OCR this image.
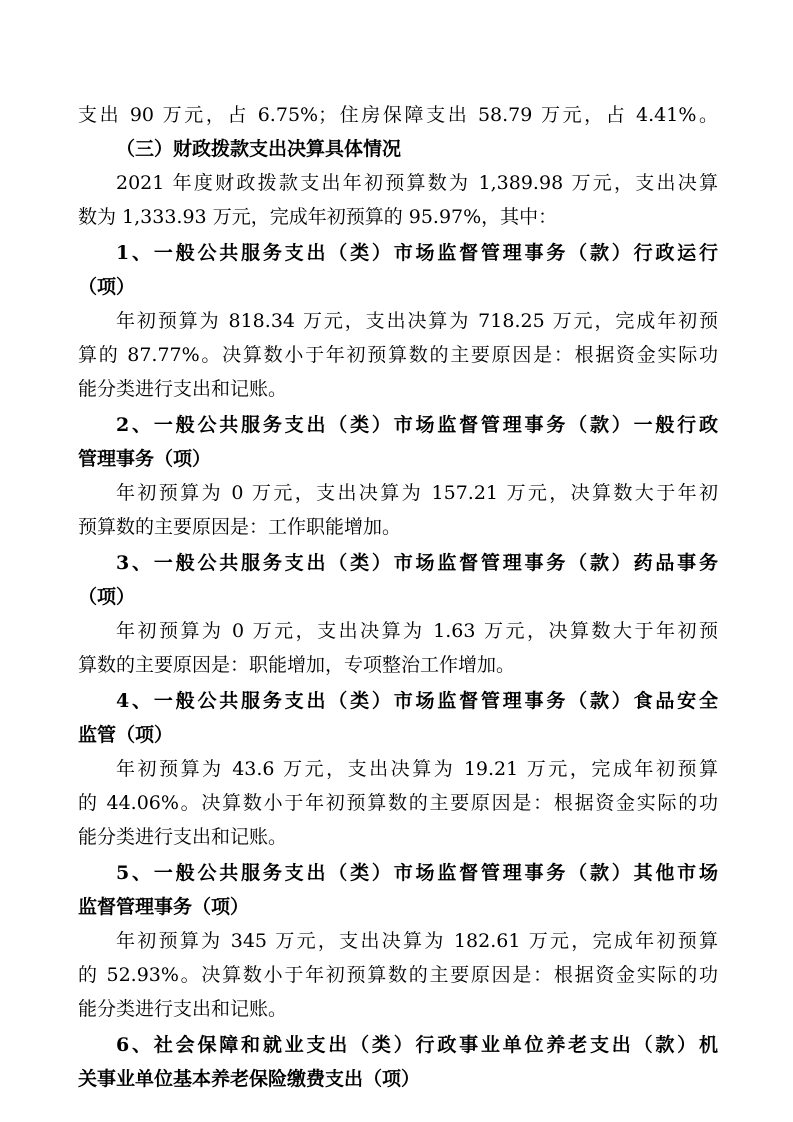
支出 90 万元，占 6.75%；住房保障支出 58.79 万元，占 4.41%。
（三）财政拨款支出决算具体情况
2021 年度财政拨款支出年初预算数为 1,389.98 万元，支出决算
数为 1,333.93 万元，完成年初预算的 95.97%，其中：
1、一般公共服务支出（类）市场监督管理事务（款）行政运行
（项）
年初预算为 818.34 万元，支出决算为 718.25 万元，完成年初预
算的 87.77%。决算数小于年初预算数的主要原因是：根据资金实际功
能分类进行支出和记账。
2、一般公共服务支出（类）市场监督管理事务（款）一般行政
管理事务（项）
年初预算为 0 万元，支出决算为 157.21 万元，决算数大于年初
预算数的主要原因是：工作职能增加。
3、一般公共服务支出（类）市场监督管理事务（款）药品事务
（项）
年初预算为 0 万元，支出决算为 1.63 万元，决算数大于年初预
算数的主要原因是：职能增加，专项整治工作增加。
4、一般公共服务支出（类）市场监督管理事务（款）食品安全
监管（项）
年初预算为 43.6 万元，支出决算为 19.21 万元，完成年初预算
的 44.06%。决算数小于年初预算数的主要原因是：根据资金实际的功
能分类进行支出和记账。
5、一般公共服务支出（类）市场监督管理事务（款）其他市场
监督管理事务（项）
年初预算为 345 万元，支出决算为 182.61 万元，完成年初预算
的 52.93%。决算数小于年初预算数的主要原因是：根据资金实际的功
能分类进行支出和记账。
6、社会保障和就业支出（类）行政事业单位养老支出（款）机
关事业单位基本养老保险缴费支出（项）
